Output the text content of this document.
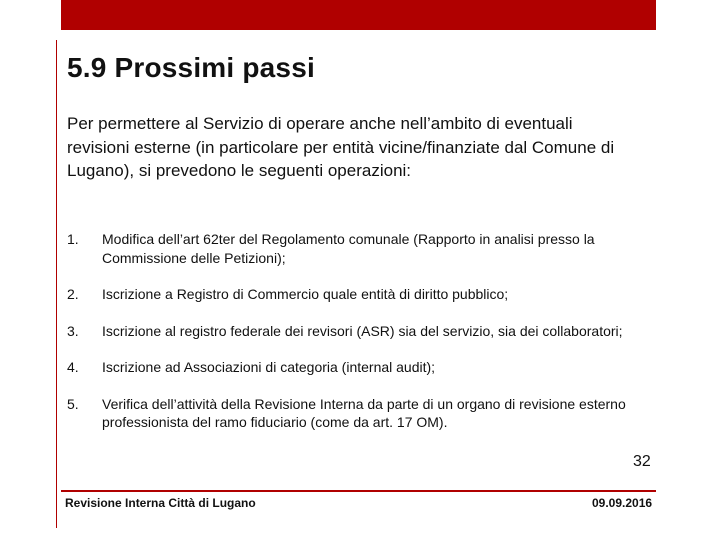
5.9 Prossimi passi
Per permettere al Servizio di operare anche nell’ambito di eventuali revisioni esterne (in particolare per entità vicine/finanziate dal Comune di Lugano), si prevedono le seguenti operazioni:
1. Modifica dell’art 62ter del Regolamento comunale (Rapporto in analisi presso la Commissione delle Petizioni);
2. Iscrizione a Registro di Commercio quale entità di diritto pubblico;
3. Iscrizione al registro federale dei revisori (ASR) sia del servizio, sia dei collaboratori;
4. Iscrizione ad Associazioni di categoria (internal audit);
5. Verifica dell’attività della Revisione Interna da parte di un organo di revisione esterno professionista del ramo fiduciario (come da art. 17 OM).
32
Revisione Interna Città di Lugano	09.09.2016
